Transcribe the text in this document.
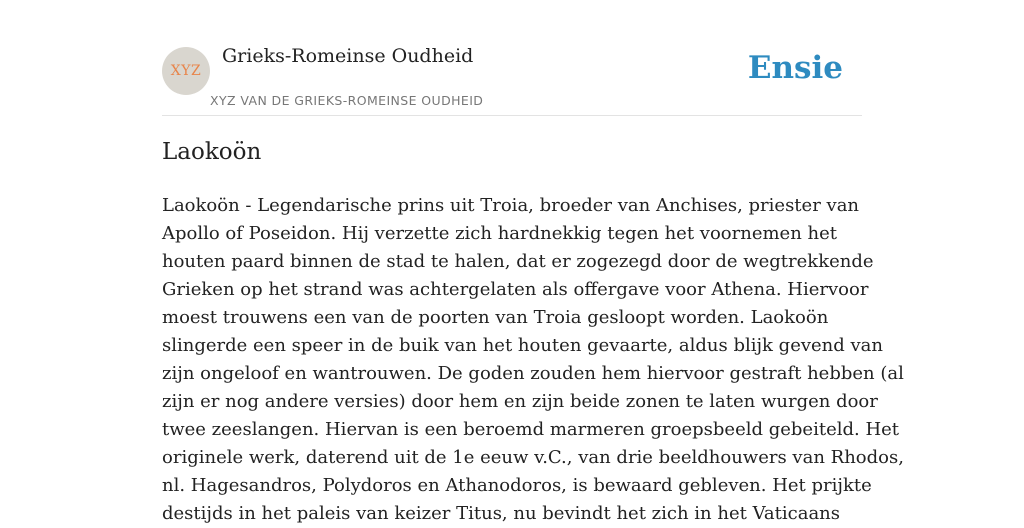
XYZ
Grieks-Romeinse Oudheid
XYZ VAN DE GRIEKS-ROMEINSE OUDHEID
Ensie
Laokoön
Laokoön - Legendarische prins uit Troia, broeder van Anchises, priester van
Apollo of Poseidon. Hij verzette zich hardnekkig tegen het voornemen het
houten paard binnen de stad te halen, dat er zogezegd door de wegtrekkende
Grieken op het strand was achtergelaten als offergave voor Athena. Hiervoor
moest trouwens een van de poorten van Troia gesloopt worden. Laokoön
slingerde een speer in de buik van het houten gevaarte, aldus blijk gevend van
zijn ongeloof en wantrouwen. De goden zouden hem hiervoor gestraft hebben (al
zijn er nog andere versies) door hem en zijn beide zonen te laten wurgen door
twee zeeslangen. Hiervan is een beroemd marmeren groepsbeeld gebeiteld. Het
originele werk, daterend uit de 1e eeuw v.C., van drie beeldhouwers van Rhodos,
nl. Hagesandros, Polydoros en Athanodoros, is bewaard gebleven. Het prijkte
destijds in het paleis van keizer Titus, nu bevindt het zich in het Vaticaans
